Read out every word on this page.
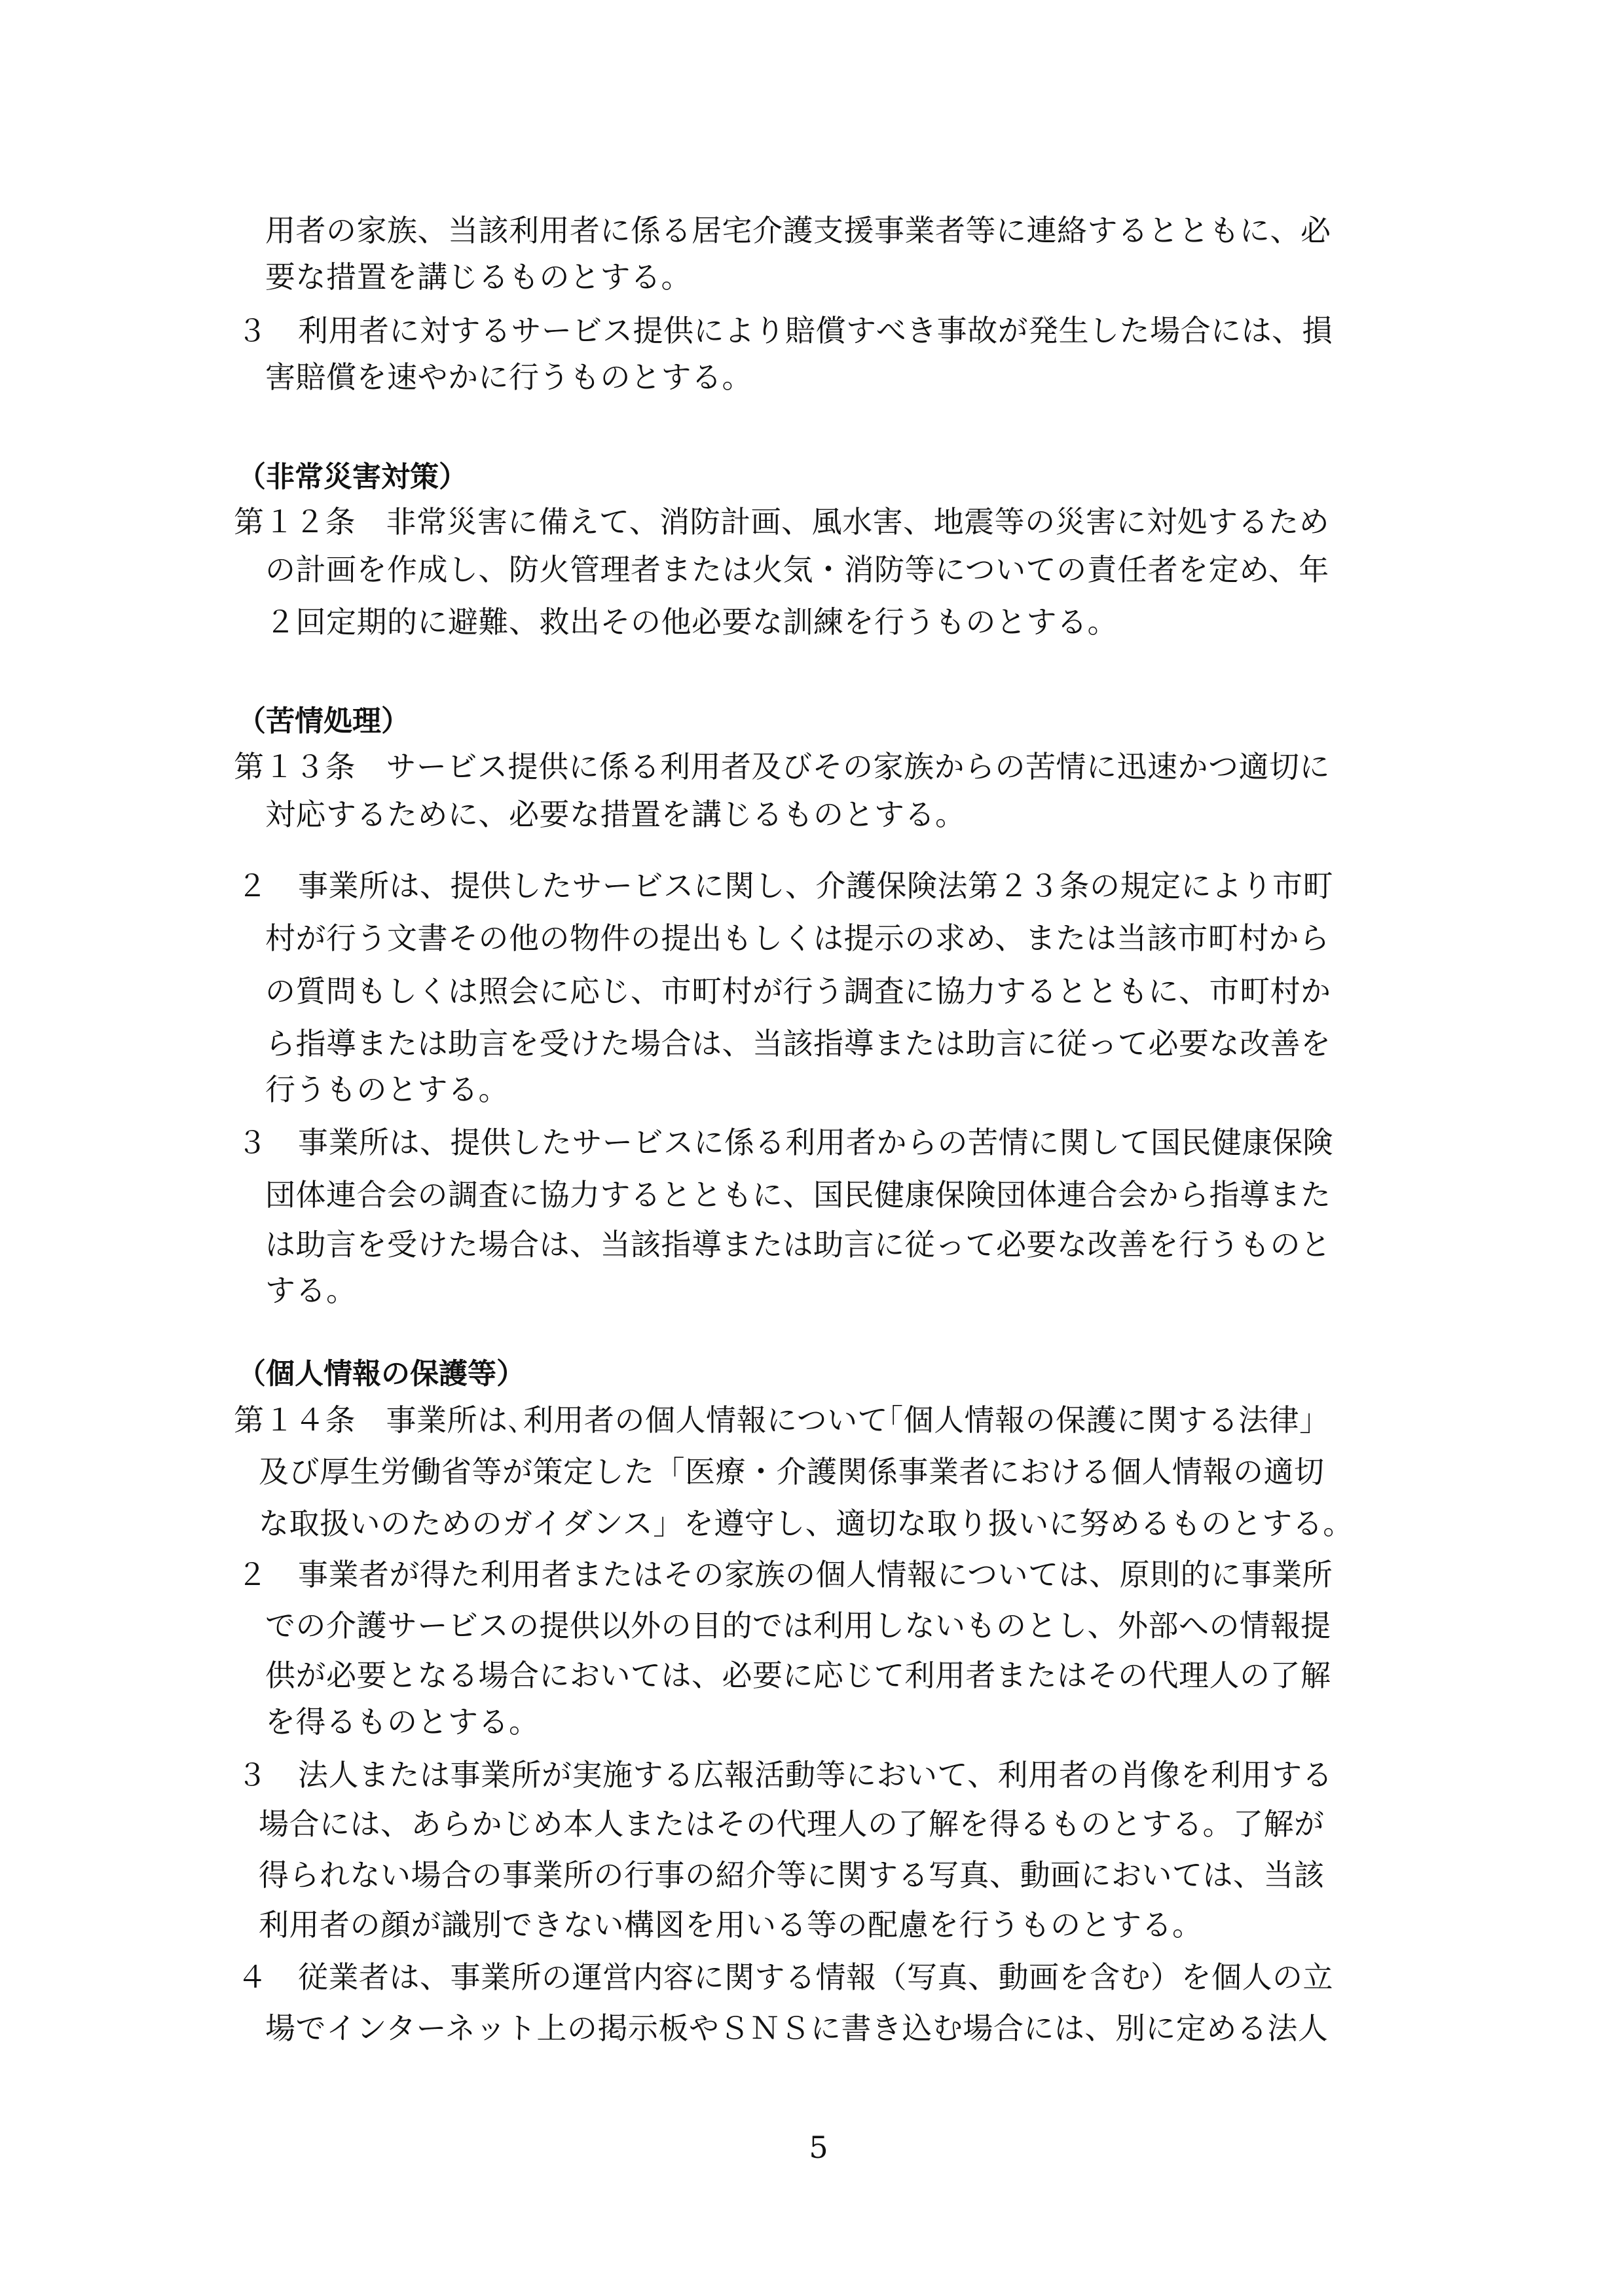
用者の家族、当該利用者に係る居宅介護支援事業者等に連絡するとともに、必
要な措置を講じるものとする。
３　利用者に対するサービス提供により賠償すべき事故が発生した場合には、損
害賠償を速やかに行うものとする。
（非常災害対策）
第１２条　非常災害に備えて、消防計画、風水害、地震等の災害に対処するため
の計画を作成し、防火管理者または火気・消防等についての責任者を定め、年
２回定期的に避難、救出その他必要な訓練を行うものとする。
（苦情処理）
第１３条　サービス提供に係る利用者及びその家族からの苦情に迅速かつ適切に
対応するために、必要な措置を講じるものとする。
２　事業所は、提供したサービスに関し、介護保険法第２３条の規定により市町
村が行う文書その他の物件の提出もしくは提示の求め、または当該市町村から
の質問もしくは照会に応じ、市町村が行う調査に協力するとともに、市町村か
ら指導または助言を受けた場合は、当該指導または助言に従って必要な改善を
行うものとする。
３　事業所は、提供したサービスに係る利用者からの苦情に関して国民健康保険
団体連合会の調査に協力するとともに、国民健康保険団体連合会から指導また
は助言を受けた場合は、当該指導または助言に従って必要な改善を行うものと
する。
（個人情報の保護等）
第１４条　事業所は､利用者の個人情報について｢個人情報の保護に関する法律｣
及び厚生労働省等が策定した「医療・介護関係事業者における個人情報の適切
な取扱いのためのガイダンス」を遵守し、適切な取り扱いに努めるものとする。
２　事業者が得た利用者またはその家族の個人情報については、原則的に事業所
での介護サービスの提供以外の目的では利用しないものとし、外部への情報提
供が必要となる場合においては、必要に応じて利用者またはその代理人の了解
を得るものとする。
３　法人または事業所が実施する広報活動等において、利用者の肖像を利用する
場合には、あらかじめ本人またはその代理人の了解を得るものとする。了解が
得られない場合の事業所の行事の紹介等に関する写真、動画においては、当該
利用者の顔が識別できない構図を用いる等の配慮を行うものとする。
４　従業者は、事業所の運営内容に関する情報（写真、動画を含む）を個人の立
場でインターネット上の掲示板やＳＮＳに書き込む場合には、別に定める法人
5
